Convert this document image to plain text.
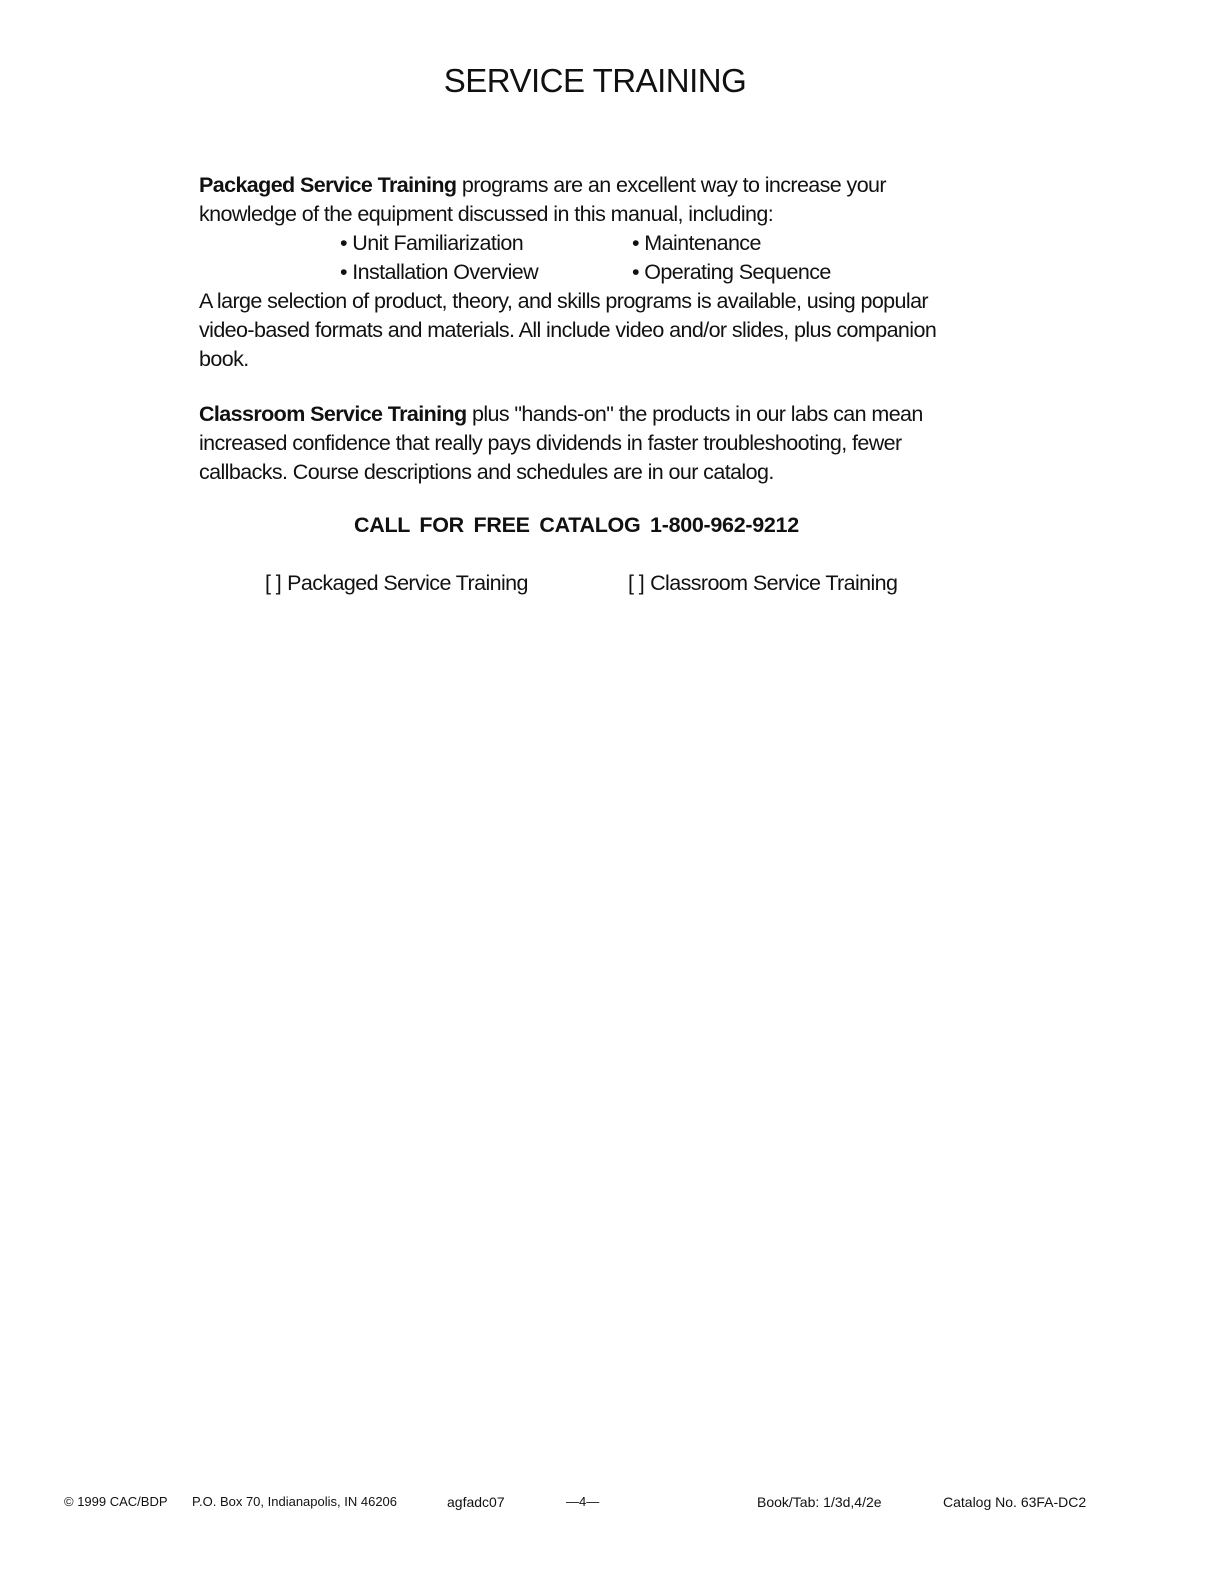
SERVICE TRAINING
Packaged Service Training programs are an excellent way to increase your
knowledge of the equipment discussed in this manual, including:
• Unit Familiarization	• Maintenance
• Installation Overview	• Operating Sequence
A large selection of product, theory, and skills programs is available, using popular
video-based formats and materials. All include video and/or slides, plus companion
book.
Classroom Service Training plus "hands-on" the products in our labs can mean
increased confidence that really pays dividends in faster troubleshooting, fewer
callbacks. Course descriptions and schedules are in our catalog.
CALL FOR FREE CATALOG 1-800-962-9212
[ ] Packaged Service Training	[ ] Classroom Service Training
© 1999 CAC/BDP P.O. Box 70, Indianapolis, IN 46206	agfadc07	—4—	Book/Tab: 1/3d,4/2e	Catalog No. 63FA-DC2
